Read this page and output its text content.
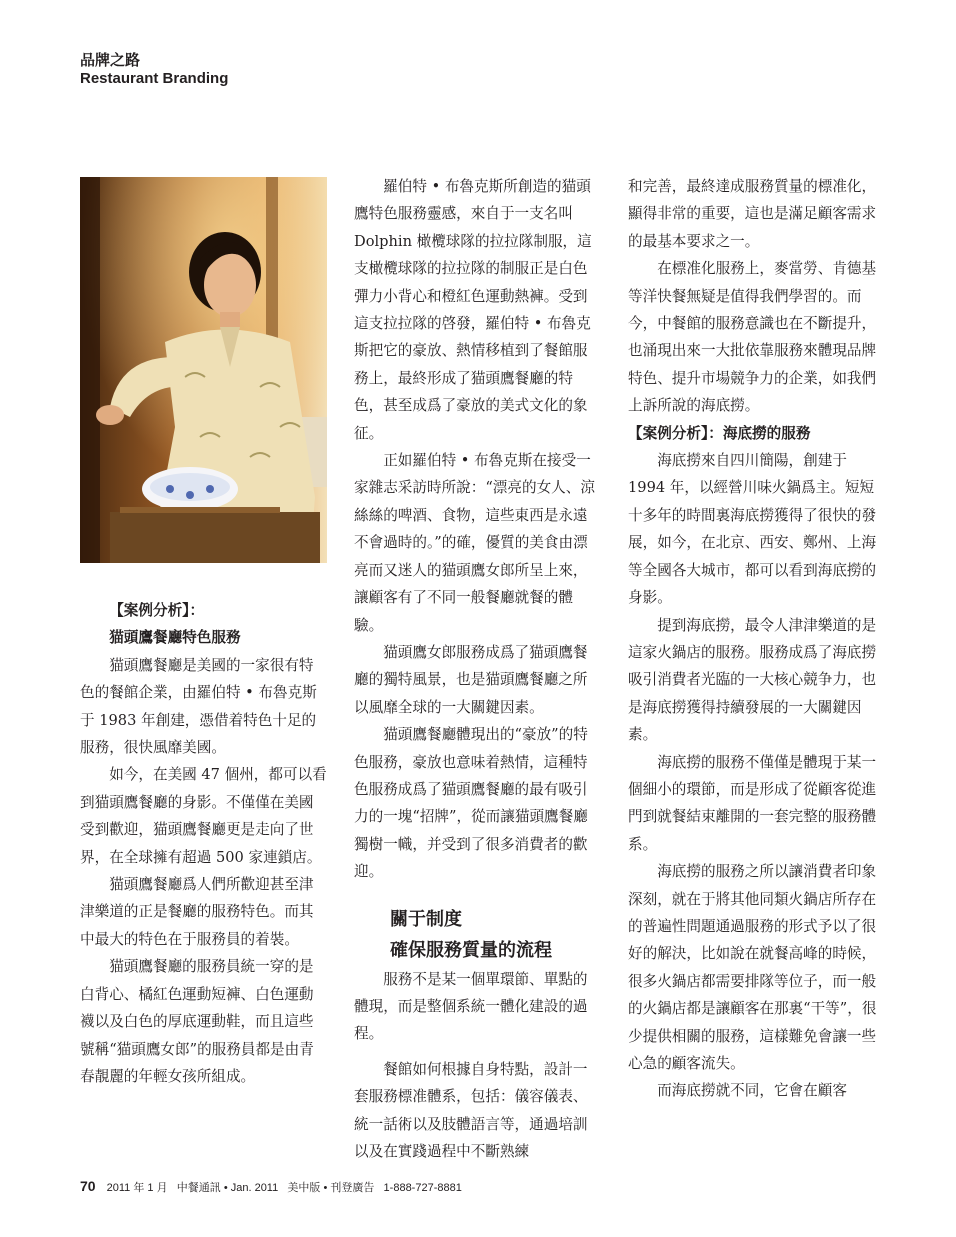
品牌之路
Restaurant Branding

【案例分析】：

猫頭鷹餐廳特色服務

猫頭鷹餐廳是美國的一家很有特色的餐館企業，由羅伯特 • 布魯克斯于 1983 年創建，憑借着特色十足的服務，很快風靡美國。

如今，在美國 47 個州，都可以看到猫頭鷹餐廳的身影。不僅僅在美國受到歡迎，猫頭鷹餐廳更是走向了世界，在全球擁有超過 500 家連鎖店。

猫頭鷹餐廳爲人們所歡迎甚至津津樂道的正是餐廳的服務特色。而其中最大的特色在于服務員的着裝。

猫頭鷹餐廳的服務員統一穿的是白背心、橘紅色運動短褲、白色運動襪以及白色的厚底運動鞋，而且這些號稱“猫頭鷹女郎”的服務員都是由青春靚麗的年輕女孩所組成。

羅伯特 • 布魯克斯所創造的猫頭鷹特色服務靈感，來自于一支名叫 Dolphin 橄欖球隊的拉拉隊制服，這支橄欖球隊的拉拉隊的制服正是白色彈力小背心和橙紅色運動熱褲。受到這支拉拉隊的啓發，羅伯特 • 布魯克斯把它的豪放、熱情移植到了餐館服務上，最終形成了猫頭鷹餐廳的特色，甚至成爲了豪放的美式文化的象征。

正如羅伯特 • 布魯克斯在接受一家雜志采訪時所說：“漂亮的女人、涼絲絲的啤酒、食物，這些東西是永遠不會過時的。”的確，優質的美食由漂亮而又迷人的猫頭鷹女郎所呈上來，讓顧客有了不同一般餐廳就餐的體驗。

猫頭鷹女郎服務成爲了猫頭鷹餐廳的獨特風景，也是猫頭鷹餐廳之所以風靡全球的一大關鍵因素。

猫頭鷹餐廳體現出的“豪放”的特色服務，豪放也意味着熱情，這種特色服務成爲了猫頭鷹餐廳的最有吸引力的一塊“招牌”，從而讓猫頭鷹餐廳獨樹一幟，并受到了很多消費者的歡迎。

關于制度

確保服務質量的流程

服務不是某一個單環節、單點的體現，而是整個系統一體化建設的過程。

餐館如何根據自身特點，設計一套服務標准體系，包括：儀容儀表、統一話術以及肢體語言等，通過培訓以及在實踐過程中不斷熟練

和完善，最終達成服務質量的標准化，顯得非常的重要，這也是滿足顧客需求的最基本要求之一。

在標准化服務上，麥當勞、肯德基等洋快餐無疑是值得我們學習的。而今，中餐館的服務意識也在不斷提升，也涌現出來一大批依靠服務來體現品牌特色、提升市場競争力的企業，如我們上訴所說的海底撈。

【案例分析】：海底撈的服務

海底撈來自四川簡陽，創建于 1994 年，以經營川味火鍋爲主。短短十多年的時間裏海底撈獲得了很快的發展，如今，在北京、西安、鄭州、上海等全國各大城市，都可以看到海底撈的身影。

提到海底撈，最令人津津樂道的是這家火鍋店的服務。服務成爲了海底撈吸引消費者光臨的一大核心競争力，也是海底撈獲得持續發展的一大關鍵因素。

海底撈的服務不僅僅是體現于某一個細小的環節，而是形成了從顧客從進門到就餐結束離開的一套完整的服務體系。

海底撈的服務之所以讓消費者印象深刻，就在于將其他同類火鍋店所存在的普遍性問題通過服務的形式予以了很好的解決，比如說在就餐高峰的時候，很多火鍋店都需要排隊等位子，而一般的火鍋店都是讓顧客在那裏“干等”，很少提供相關的服務，這樣難免會讓一些心急的顧客流失。

而海底撈就不同，它會在顧客

70 2011 年 1 月 中餐通訊 • Jan. 2011 美中版 • 刊登廣告 1-888-727-8881
